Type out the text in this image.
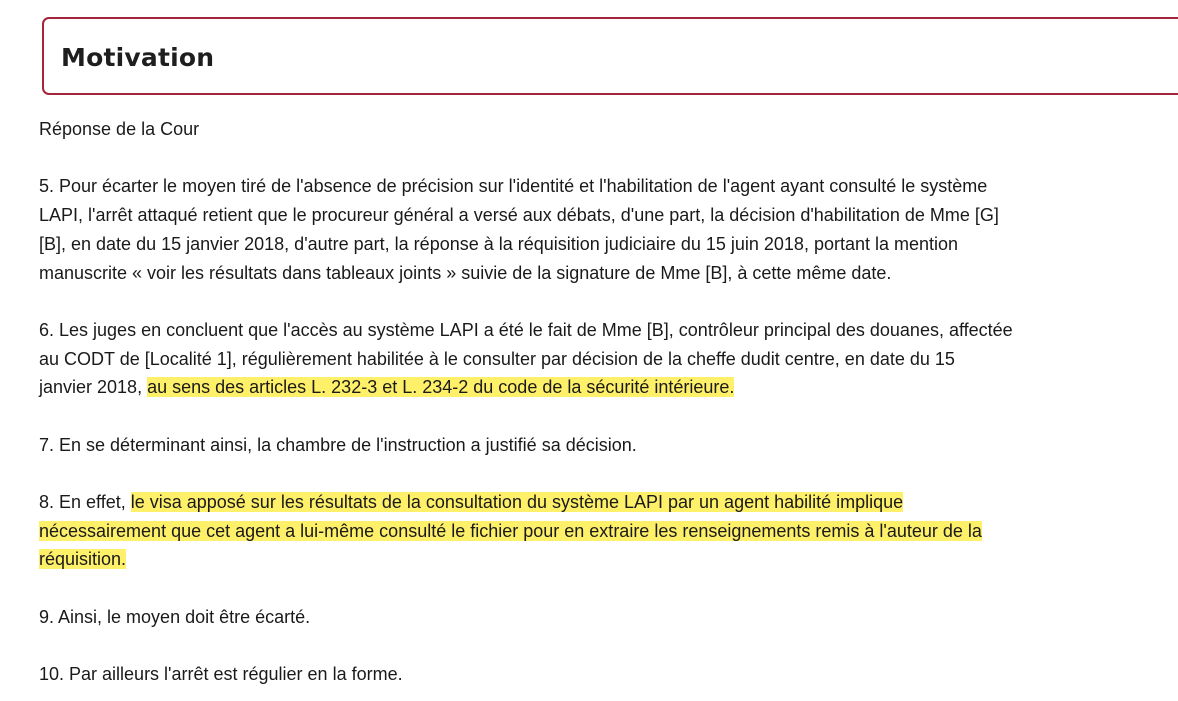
Motivation

Réponse de la Cour

5. Pour écarter le moyen tiré de l'absence de précision sur l'identité et l'habilitation de l'agent ayant consulté le système
LAPI, l'arrêt attaqué retient que le procureur général a versé aux débats, d'une part, la décision d'habilitation de Mme [G]
[B], en date du 15 janvier 2018, d'autre part, la réponse à la réquisition judiciaire du 15 juin 2018, portant la mention
manuscrite « voir les résultats dans tableaux joints » suivie de la signature de Mme [B], à cette même date.

6. Les juges en concluent que l'accès au système LAPI a été le fait de Mme [B], contrôleur principal des douanes, affectée
au CODT de [Localité 1], régulièrement habilitée à le consulter par décision de la cheffe dudit centre, en date du 15
janvier 2018, au sens des articles L. 232-3 et L. 234-2 du code de la sécurité intérieure.

7. En se déterminant ainsi, la chambre de l'instruction a justifié sa décision.

8. En effet, le visa apposé sur les résultats de la consultation du système LAPI par un agent habilité implique
nécessairement que cet agent a lui-même consulté le fichier pour en extraire les renseignements remis à l'auteur de la
réquisition.

9. Ainsi, le moyen doit être écarté.

10. Par ailleurs l'arrêt est régulier en la forme.
